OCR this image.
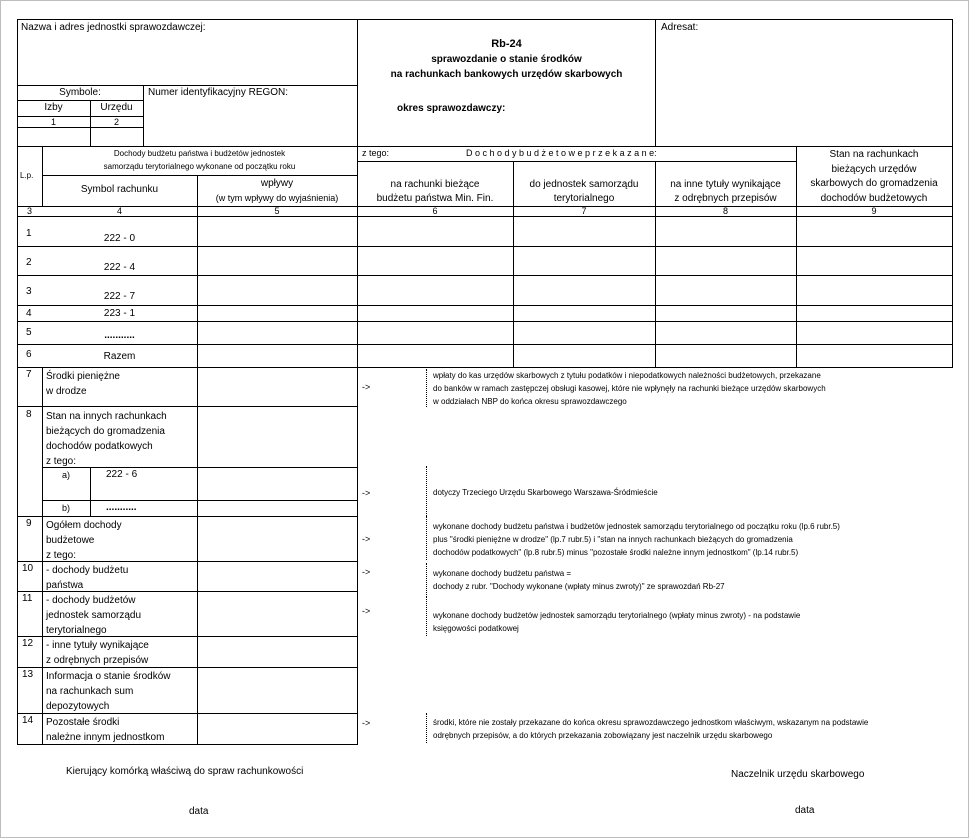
Nazwa i adres jednostki sprawozdawczej:
Rb-24
sprawozdanie o stanie środków
na rachunkach bankowych urzędów skarbowych
okres sprawozdawczy:
Adresat:
Symbole:
Izby	Urzędu
1	2
Numer identyfikacyjny REGON:
L.p.
Dochody budżetu państwa i budżetów jednostek
samorządu terytorialnego wykonane od początku roku
Symbol rachunku
wpływy
(w tym wpływy do wyjaśnienia)
z tego:	D o c h o d y b u d ż e t o w e p r z e k a z a n e:
na rachunki bieżące
budżetu państwa Min. Fin.
do jednostek samorządu
terytorialnego
na inne tytuły wynikające
z odrębnych przepisów
Stan na rachunkach
bieżących urzędów
skarbowych do gromadzenia
dochodów budżetowych
3	4	5	6	7	8	9
1	222 - 0
2	222 - 4
3	222 - 7
4	223 - 1
5	...........
6	Razem
7 Środki pieniężne
w drodze
8 Stan na innych rachunkach
bieżących do gromadzenia
dochodów podatkowych
z tego:
a)	222 - 6
b)	...........
9 Ogółem dochody
budżetowe
z tego:
10 - dochody budżetu
państwa
11 - dochody budżetów
jednostek samorządu
terytorialnego
12 - inne tytuły wynikające
z odrębnych przepisów
13 Informacja o stanie środków
na rachunkach sum
depozytowych
14 Pozostałe środki
należne innym jednostkom
->
wpłaty do kas urzędów skarbowych z tytułu podatków i niepodatkowych należności budżetowych, przekazane
do banków w ramach zastępczej obsługi kasowej, które nie wpłynęły na rachunki bieżące urzędów skarbowych
w oddziałach NBP do końca okresu sprawozdawczego
->	dotyczy Trzeciego Urzędu Skarbowego Warszawa-Śródmieście
->
wykonane dochody budżetu państwa i budżetów jednostek samorządu terytorialnego od początku roku (lp.6 rubr.5)
plus "środki pieniężne w drodze" (lp.7 rubr.5) i "stan na innych rachunkach bieżących do gromadzenia
dochodów podatkowych" (lp.8 rubr.5) minus "pozostałe środki należne innym jednostkom" (lp.14 rubr.5)
->	wykonane dochody budżetu państwa =
dochody z rubr. "Dochody wykonane (wpłaty minus zwroty)" ze sprawozdań Rb-27
->	wykonane dochody budżetów jednostek samorządu terytorialnego (wpłaty minus zwroty) - na podstawie
księgowości podatkowej
->	środki, które nie zostały przekazane do końca okresu sprawozdawczego jednostkom właściwym, wskazanym na podstawie
odrębnych przepisów, a do których przekazania zobowiązany jest naczelnik urzędu skarbowego
Kierujący komórką właściwą do spraw rachunkowości	Naczelnik urzędu skarbowego
data	data
